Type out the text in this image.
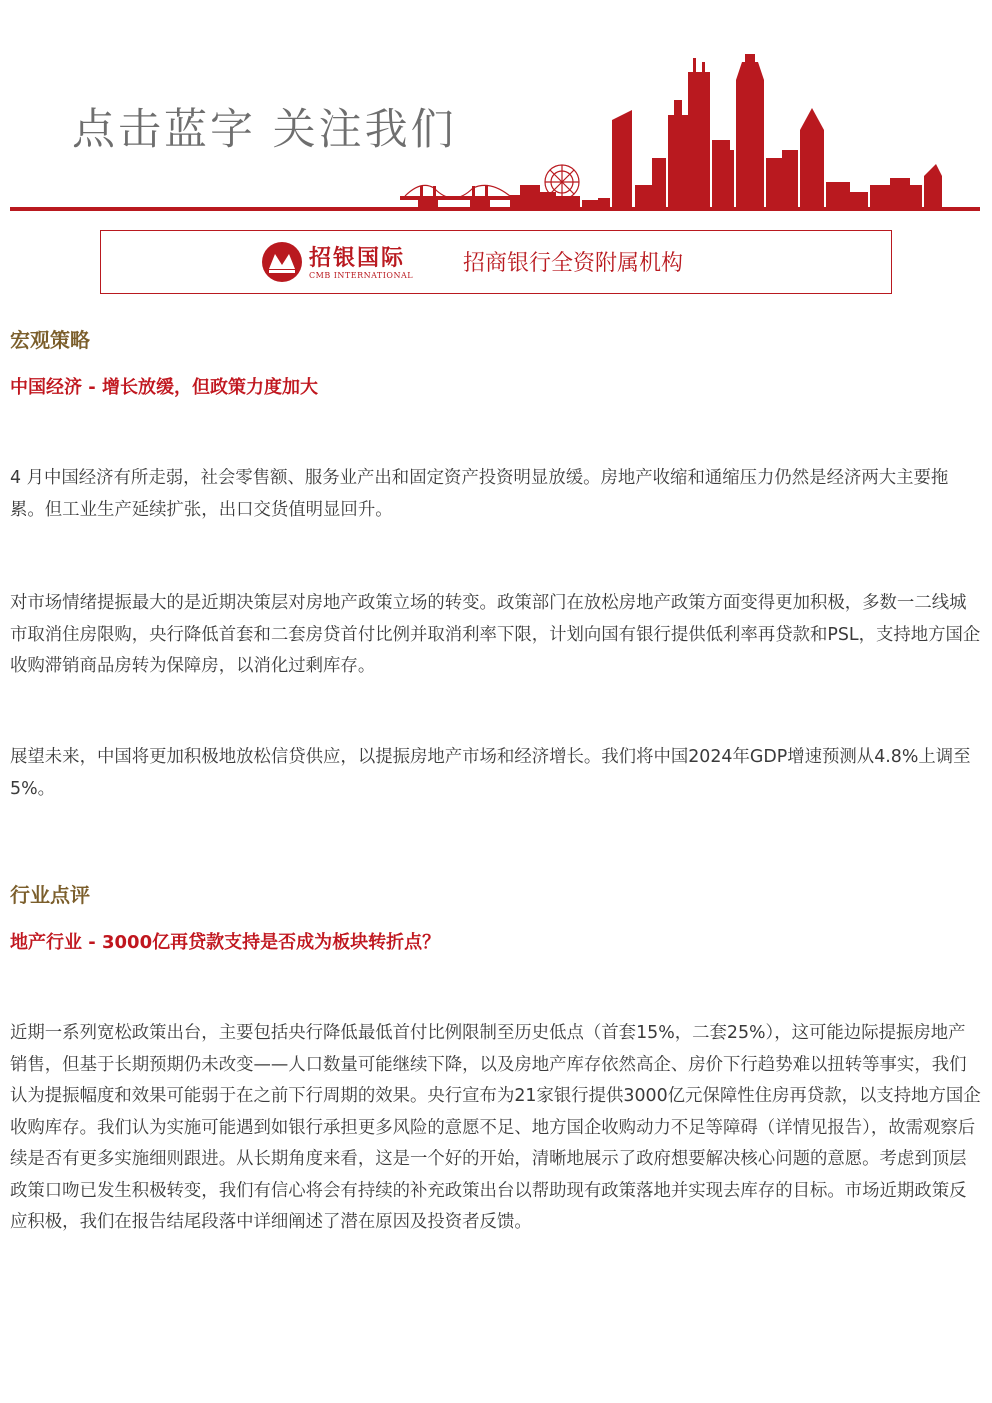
点击蓝字 关注我们
招银国际
CMB INTERNATIONAL 招商银行全资附属机构
宏观策略
中国经济 - 增长放缓，但政策力度加大

4 月中国经济有所走弱，社会零售额、服务业产出和固定资产投资明显放缓。房地产收缩和通缩压力仍然是经济两大主要拖累。但工业生产延续扩张，出口交货值明显回升。

对市场情绪提振最大的是近期决策层对房地产政策立场的转变。政策部门在放松房地产政策方面变得更加积极，多数一二线城市取消住房限购，央行降低首套和二套房贷首付比例并取消利率下限，计划向国有银行提供低利率再贷款和PSL，支持地方国企收购滞销商品房转为保障房，以消化过剩库存。

展望未来，中国将更加积极地放松信贷供应，以提振房地产市场和经济增长。我们将中国2024年GDP增速预测从4.8%上调至5%。

行业点评
地产行业 - 3000亿再贷款支持是否成为板块转折点？

近期一系列宽松政策出台，主要包括央行降低最低首付比例限制至历史低点（首套15%，二套25%），这可能边际提振房地产销售，但基于长期预期仍未改变——人口数量可能继续下降，以及房地产库存依然高企、房价下行趋势难以扭转等事实，我们认为提振幅度和效果可能弱于在之前下行周期的效果。央行宣布为21家银行提供3000亿元保障性住房再贷款，以支持地方国企收购库存。我们认为实施可能遇到如银行承担更多风险的意愿不足、地方国企收购动力不足等障碍（详情见报告），故需观察后续是否有更多实施细则跟进。从长期角度来看，这是一个好的开始，清晰地展示了政府想要解决核心问题的意愿。考虑到顶层政策口吻已发生积极转变，我们有信心将会有持续的补充政策出台以帮助现有政策落地并实现去库存的目标。市场近期政策反应积极，我们在报告结尾段落中详细阐述了潜在原因及投资者反馈。
